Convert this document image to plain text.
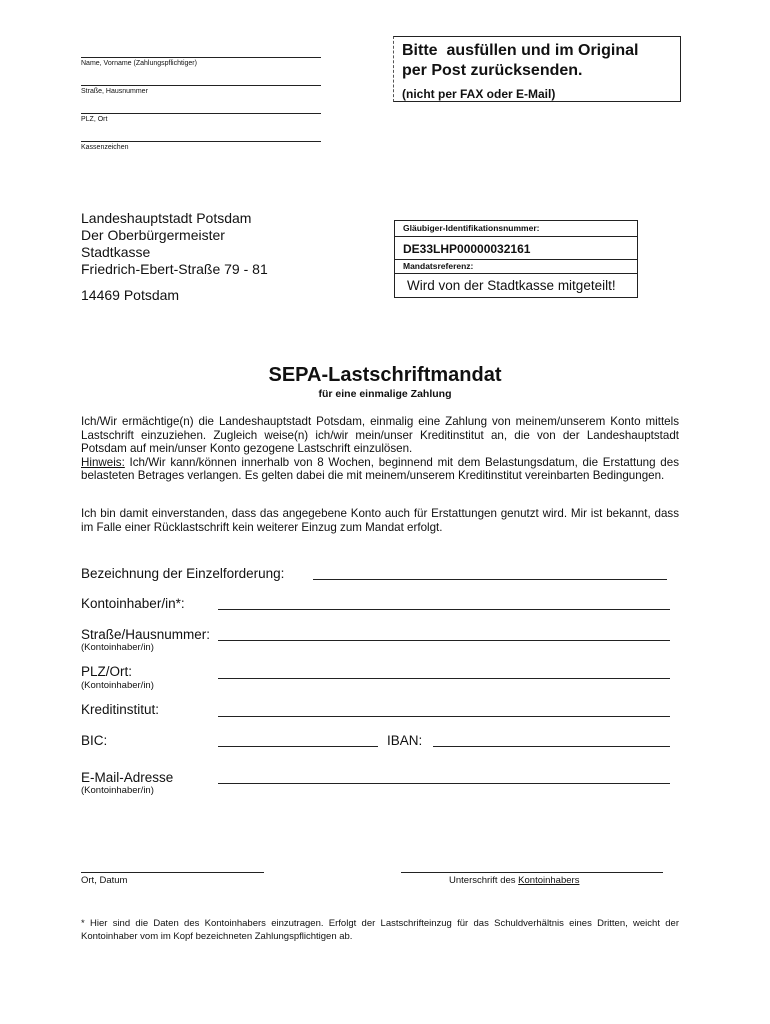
Name, Vorname (Zahlungspflichtiger)
Straße, Hausnummer
PLZ, Ort
Kassenzeichen
Bitte  ausfüllen und im Original
per Post zurücksenden.
(nicht per FAX oder E-Mail)
Landeshauptstadt Potsdam
Der Oberbürgermeister
Stadtkasse
Friedrich-Ebert-Straße 79 - 81
14469 Potsdam
Gläubiger-Identifikationsnummer:
DE33LHP00000032161
Mandatsreferenz:
Wird von der Stadtkasse mitgeteilt!
SEPA-Lastschriftmandat
für eine einmalige Zahlung
Ich/Wir ermächtige(n) die Landeshauptstadt Potsdam, einmalig eine Zahlung von meinem/unserem Konto mittels Lastschrift einzuziehen. Zugleich weise(n) ich/wir mein/unser Kreditinstitut an, die von der Landeshauptstadt Potsdam auf mein/unser Konto gezogene Lastschrift einzulösen.
Hinweis: Ich/Wir kann/können innerhalb von 8 Wochen, beginnend mit dem Belastungsdatum, die Erstattung des belasteten Betrages verlangen. Es gelten dabei die mit meinem/unserem Kreditinstitut vereinbarten Bedingungen.
Ich bin damit einverstanden, dass das angegebene Konto auch für Erstattungen genutzt wird. Mir ist bekannt, dass im Falle einer Rücklastschrift kein weiterer Einzug zum Mandat erfolgt.
Bezeichnung der Einzelforderung:
Kontoinhaber/in*:
Straße/Hausnummer:
(Kontoinhaber/in)
PLZ/Ort:
(Kontoinhaber/in)
Kreditinstitut:
BIC:	IBAN:
E-Mail-Adresse
(Kontoinhaber/in)
Ort, Datum	Unterschrift des Kontoinhabers
* Hier sind die Daten des Kontoinhabers einzutragen. Erfolgt der Lastschrifteinzug für das Schuldverhältnis eines Dritten, weicht der Kontoinhaber vom im Kopf bezeichneten Zahlungspflichtigen ab.
